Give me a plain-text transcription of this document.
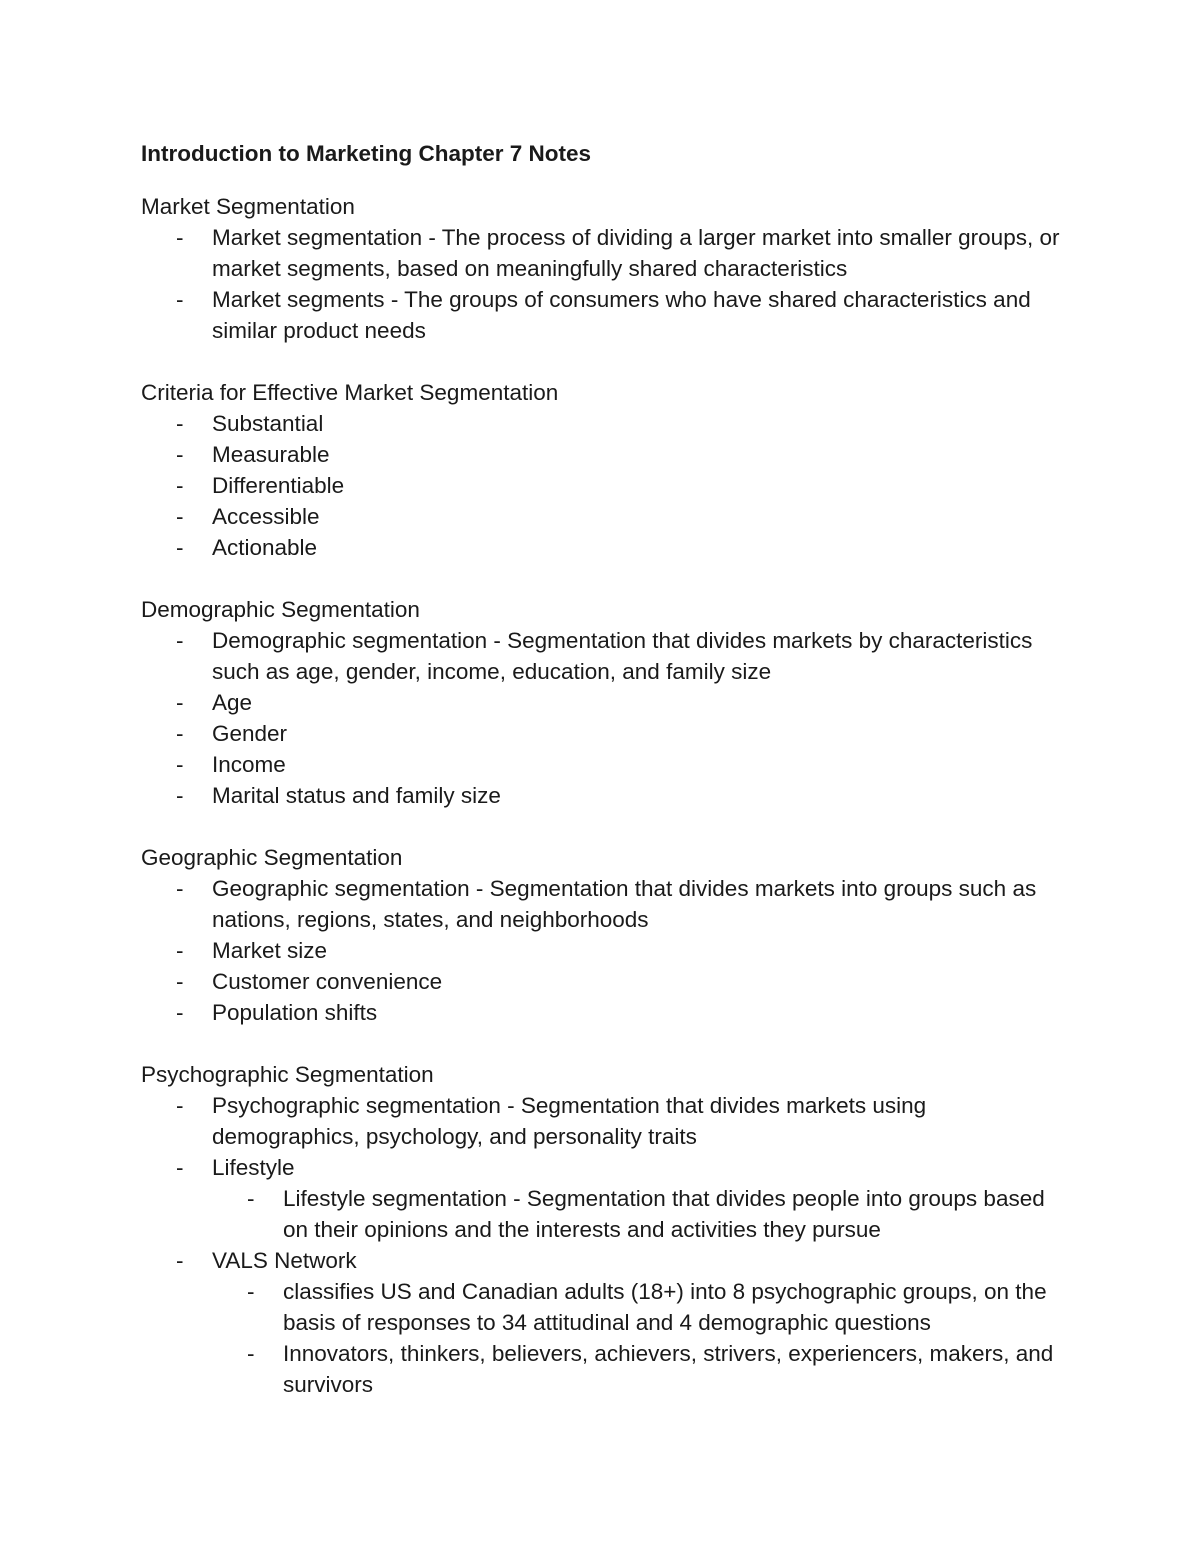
Introduction to Marketing Chapter 7 Notes
Market Segmentation
- Market segmentation - The process of dividing a larger market into smaller groups, or market segments, based on meaningfully shared characteristics
- Market segments - The groups of consumers who have shared characteristics and similar product needs
Criteria for Effective Market Segmentation
- Substantial
- Measurable
- Differentiable
- Accessible
- Actionable
Demographic Segmentation
- Demographic segmentation - Segmentation that divides markets by characteristics such as age, gender, income, education, and family size
- Age
- Gender
- Income
- Marital status and family size
Geographic Segmentation
- Geographic segmentation - Segmentation that divides markets into groups such as nations, regions, states, and neighborhoods
- Market size
- Customer convenience
- Population shifts
Psychographic Segmentation
- Psychographic segmentation - Segmentation that divides markets using demographics, psychology, and personality traits
- Lifestyle
- Lifestyle segmentation - Segmentation that divides people into groups based on their opinions and the interests and activities they pursue
- VALS Network
- classifies US and Canadian adults (18+) into 8 psychographic groups, on the basis of responses to 34 attitudinal and 4 demographic questions
- Innovators, thinkers, believers, achievers, strivers, experiencers, makers, and survivors
